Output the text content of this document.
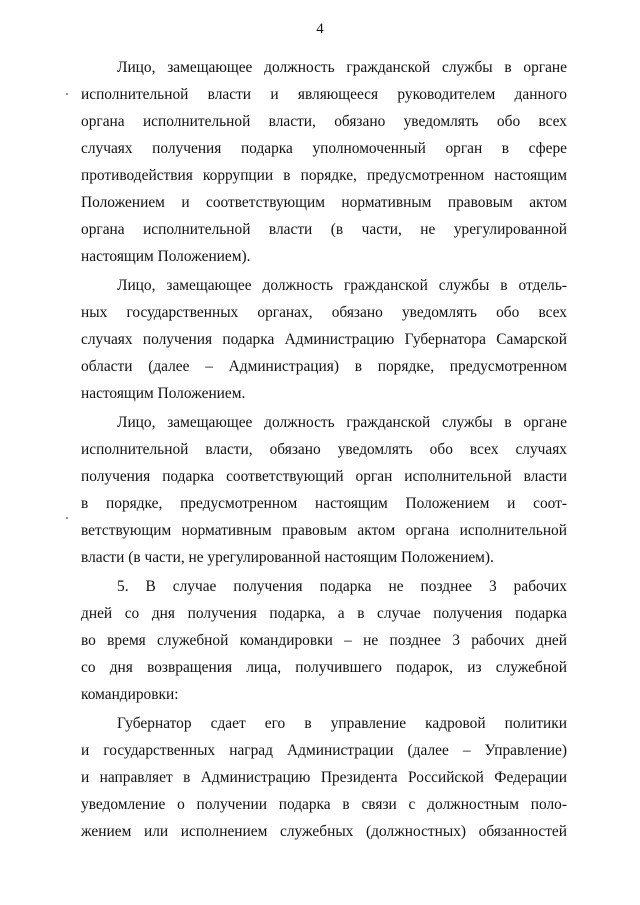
4
Лицо, замещающее должность гражданской службы в органе
исполнительной власти и являющееся руководителем данного
органа исполнительной власти, обязано уведомлять обо всех
случаях получения подарка уполномоченный орган в сфере
противодействия коррупции в порядке, предусмотренном настоящим
Положением и соответствующим нормативным правовым актом
органа исполнительной власти (в части, не урегулированной
настоящим Положением).
Лицо, замещающее должность гражданской службы в отдель-
ных государственных органах, обязано уведомлять обо всех
случаях получения подарка Администрацию Губернатора Самарской
области (далее – Администрация) в порядке, предусмотренном
настоящим Положением.
Лицо, замещающее должность гражданской службы в органе
исполнительной власти, обязано уведомлять обо всех случаях
получения подарка соответствующий орган исполнительной власти
в порядке, предусмотренном настоящим Положением и соот-
ветствующим нормативным правовым актом органа исполнительной
власти (в части, не урегулированной настоящим Положением).
5. В случае получения подарка не позднее 3 рабочих
дней со дня получения подарка, а в случае получения подарка
во время служебной командировки – не позднее 3 рабочих дней
со дня возвращения лица, получившего подарок, из служебной
командировки:
Губернатор сдает его в управление кадровой политики
и государственных наград Администрации (далее – Управление)
и направляет в Администрацию Президента Российской Федерации
уведомление о получении подарка в связи с должностным поло-
жением или исполнением служебных (должностных) обязанностей
